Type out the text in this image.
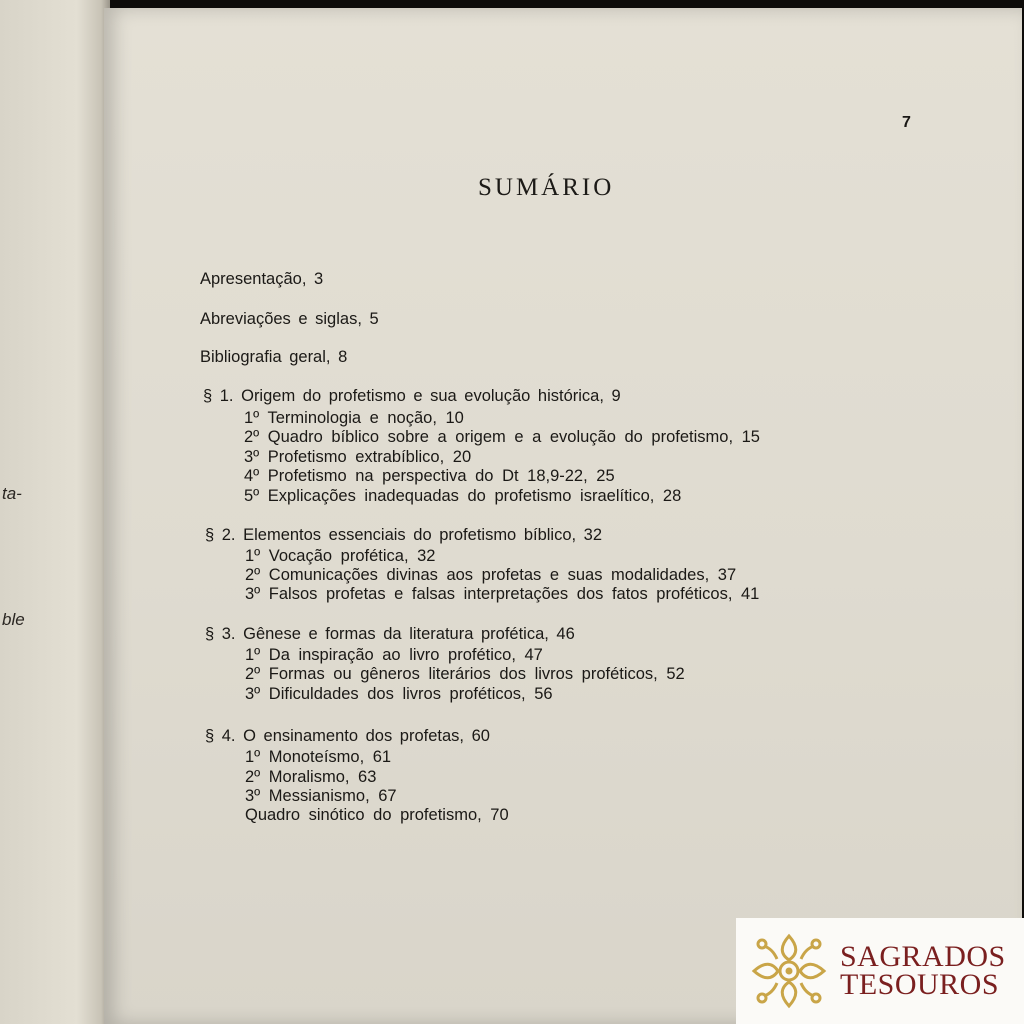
ta-
ble
7
SUMÁRIO
Apresentação, 3
Abreviações e siglas, 5
Bibliografia geral, 8
§ 1. Origem do profetismo e sua evolução histórica, 9
1º Terminologia e noção, 10
2º Quadro bíblico sobre a origem e a evolução do profetismo, 15
3º Profetismo extrabíblico, 20
4º Profetismo na perspectiva do Dt 18,9-22, 25
5º Explicações inadequadas do profetismo israelítico, 28
§ 2. Elementos essenciais do profetismo bíblico, 32
1º Vocação profética, 32
2º Comunicações divinas aos profetas e suas modalidades, 37
3º Falsos profetas e falsas interpretações dos fatos proféticos, 41
§ 3. Gênese e formas da literatura profética, 46
1º Da inspiração ao livro profético, 47
2º Formas ou gêneros literários dos livros proféticos, 52
3º Dificuldades dos livros proféticos, 56
§ 4. O ensinamento dos profetas, 60
1º Monoteísmo, 61
2º Moralismo, 63
3º Messianismo, 67
Quadro sinótico do profetismo, 70
SAGRADOS
TESOUROS
